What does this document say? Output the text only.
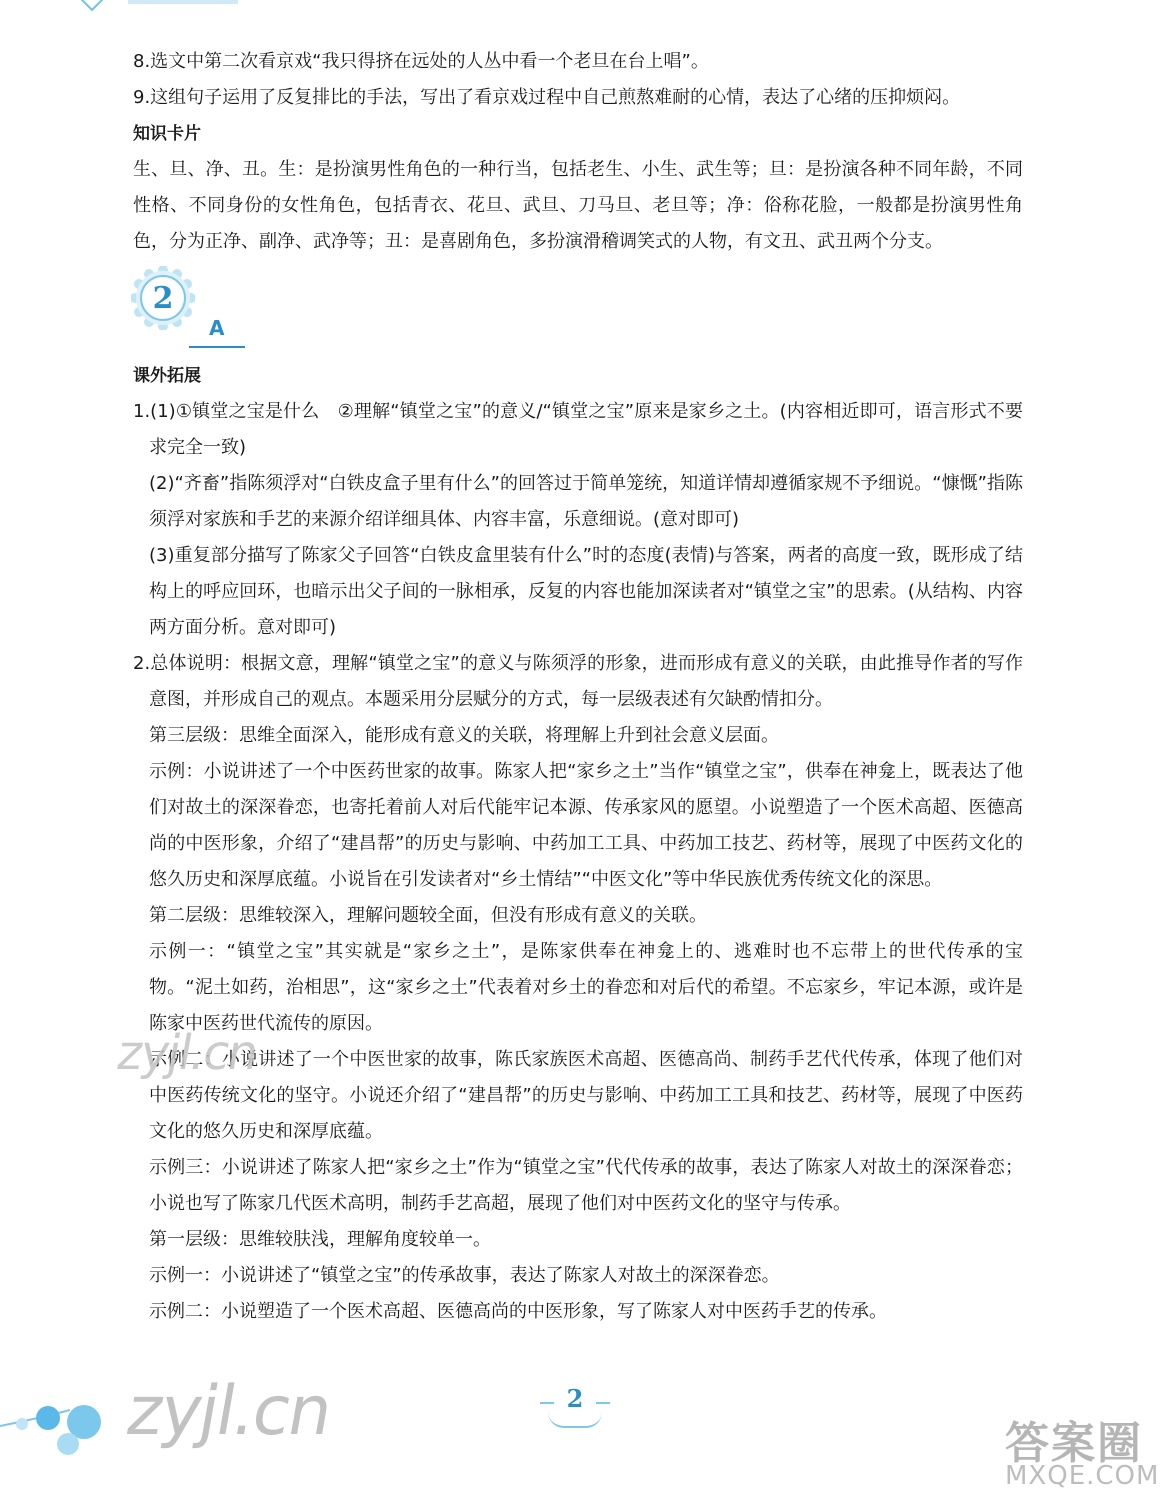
8.选文中第二次看京戏“我只得挤在远处的人丛中看一个老旦在台上唱”。

9.这组句子运用了反复排比的手法，写出了看京戏过程中自己煎熬难耐的心情，表达了心绪的压抑烦闷。

知识卡片

生、旦、净、丑。生：是扮演男性角色的一种行当，包括老生、小生、武生等；旦：是扮演各种不同年龄，不同性格、不同身份的女性角色，包括青衣、花旦、武旦、刀马旦、老旦等；净：俗称花脸，一般都是扮演男性角色，分为正净、副净、武净等；丑：是喜剧角色，多扮演滑稽调笑式的人物，有文丑、武丑两个分支。

2
A

课外拓展

1.(1)①镇堂之宝是什么　②理解“镇堂之宝”的意义/“镇堂之宝”原来是家乡之土。(内容相近即可，语言形式不要求完全一致)

(2)“齐畜”指陈须浮对“白铁皮盒子里有什么”的回答过于简单笼统，知道详情却遵循家规不予细说。“慷慨”指陈须浮对家族和手艺的来源介绍详细具体、内容丰富，乐意细说。(意对即可)

(3)重复部分描写了陈家父子回答“白铁皮盒里装有什么”时的态度(表情)与答案，两者的高度一致，既形成了结构上的呼应回环，也暗示出父子间的一脉相承，反复的内容也能加深读者对“镇堂之宝”的思索。(从结构、内容两方面分析。意对即可)

2.总体说明：根据文意，理解“镇堂之宝”的意义与陈须浮的形象，进而形成有意义的关联，由此推导作者的写作意图，并形成自己的观点。本题采用分层赋分的方式，每一层级表述有欠缺酌情扣分。

第三层级：思维全面深入，能形成有意义的关联，将理解上升到社会意义层面。

示例：小说讲述了一个中医药世家的故事。陈家人把“家乡之土”当作“镇堂之宝”，供奉在神龛上，既表达了他们对故土的深深眷恋，也寄托着前人对后代能牢记本源、传承家风的愿望。小说塑造了一个医术高超、医德高尚的中医形象，介绍了“建昌帮”的历史与影响、中药加工工具、中药加工技艺、药材等，展现了中医药文化的悠久历史和深厚底蕴。小说旨在引发读者对“乡土情结”“中医文化”等中华民族优秀传统文化的深思。

第二层级：思维较深入，理解问题较全面，但没有形成有意义的关联。

示例一：“镇堂之宝”其实就是“家乡之土”，是陈家供奉在神龛上的、逃难时也不忘带上的世代传承的宝物。“泥土如药，治相思”，这“家乡之土”代表着对乡土的眷恋和对后代的希望。不忘家乡，牢记本源，或许是陈家中医药世代流传的原因。

示例二：小说讲述了一个中医世家的故事，陈氏家族医术高超、医德高尚、制药手艺代代传承，体现了他们对中医药传统文化的坚守。小说还介绍了“建昌帮”的历史与影响、中药加工工具和技艺、药材等，展现了中医药文化的悠久历史和深厚底蕴。

示例三：小说讲述了陈家人把“家乡之土”作为“镇堂之宝”代代传承的故事，表达了陈家人对故土的深深眷恋；小说也写了陈家几代医术高明，制药手艺高超，展现了他们对中医药文化的坚守与传承。

第一层级：思维较肤浅，理解角度较单一。

示例一：小说讲述了“镇堂之宝”的传承故事，表达了陈家人对故土的深深眷恋。

示例二：小说塑造了一个医术高超、医德高尚的中医形象，写了陈家人对中医药手艺的传承。

zyjl.cn
zyjl.cn	2
答案圈
MXQE.COM
